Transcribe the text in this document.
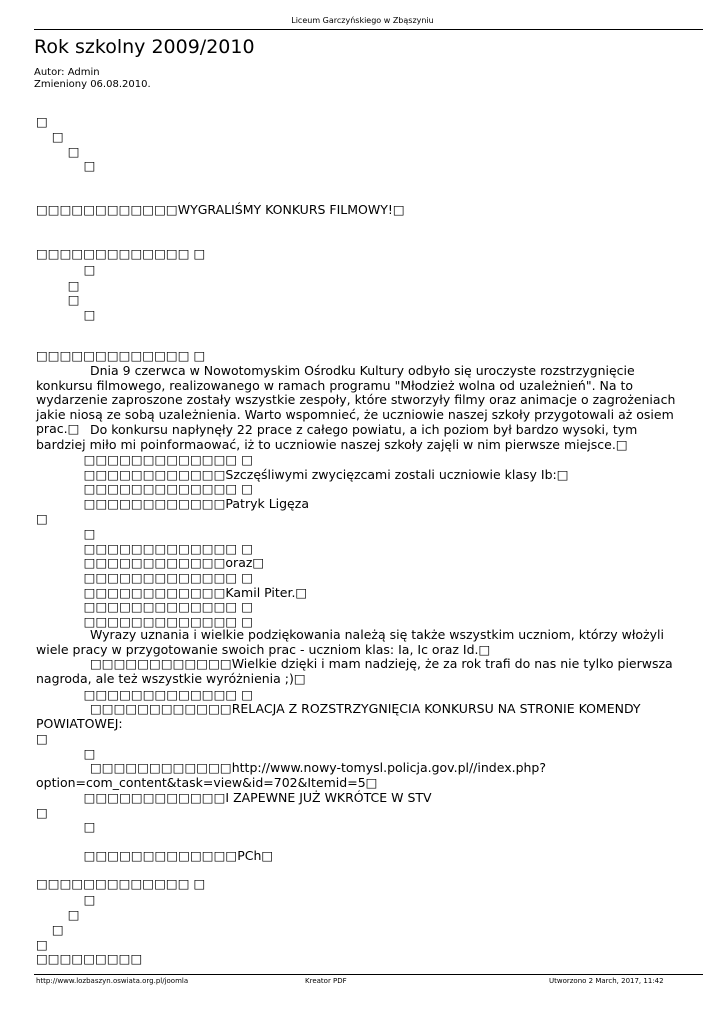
Liceum Garczyńskiego w Zbąszyniu
Rok szkolny 2009/2010
Autor: Admin
Zmieniony 06.08.2010.
□
□
□
□
□□□□□□□□□□□□WYGRALIŚMY KONKURS FILMOWY!□
□□□□□□□□□□□□□ □
□
□
□
□
□□□□□□□□□□□□□ □
Dnia 9 czerwca w Nowotomyskim Ośrodku Kultury odbyło się uroczyste rozstrzygnięcie konkursu filmowego, realizowanego w ramach programu "Młodzież wolna od uzależnień". Na to wydarzenie zaproszone zostały wszystkie zespoły, które stworzyły filmy oraz animacje o zagrożeniach jakie niosą ze sobą uzależnienia. Warto wspomnieć, że uczniowie naszej szkoły przygotowali aż osiem prac.□ Do konkursu napłynęły 22 prace z całego powiatu, a ich poziom był bardzo wysoki, tym bardziej miło mi poinformaować, iż to uczniowie naszej szkoły zajęli w nim pierwsze miejsce.□
□□□□□□□□□□□□□ □
□□□□□□□□□□□□Szczęśliwymi zwycięzcami zostali uczniowie klasy Ib:□
□□□□□□□□□□□□□ □
□□□□□□□□□□□□Patryk Ligęza
□
□
□□□□□□□□□□□□□ □
□□□□□□□□□□□□oraz□
□□□□□□□□□□□□□ □
□□□□□□□□□□□□Kamil Piter.□
□□□□□□□□□□□□□ □
□□□□□□□□□□□□□ □
Wyrazy uznania i wielkie podziękowania należą się także wszystkim uczniom, którzy włożyli wiele pracy w przygotowanie swoich prac - uczniom klas: Ia, Ic oraz Id.□
□□□□□□□□□□□□Wielkie dzięki i mam nadzieję, że za rok trafi do nas nie tylko pierwsza nagroda, ale też wszystkie wyróżnienia ;)□
□□□□□□□□□□□□□ □
□□□□□□□□□□□□RELACJA Z ROZSTRZYGNIĘCIA KONKURSU NA STRONIE KOMENDY POWIATOWEJ:
□
□
□□□□□□□□□□□□http://www.nowy-tomysl.policja.gov.pl//index.php?option=com_content&task=view&id=702&Itemid=5□
□□□□□□□□□□□□I ZAPEWNE JUŻ WKRÓTCE W STV
□
□
□□□□□□□□□□□□□PCh□
□□□□□□□□□□□□□ □
□
□
□
□
□□□□□□□□□
http://www.lozbaszyn.oswiata.org.pl/joomla	Kreator PDF	Utworzono 2 March, 2017, 11:42
